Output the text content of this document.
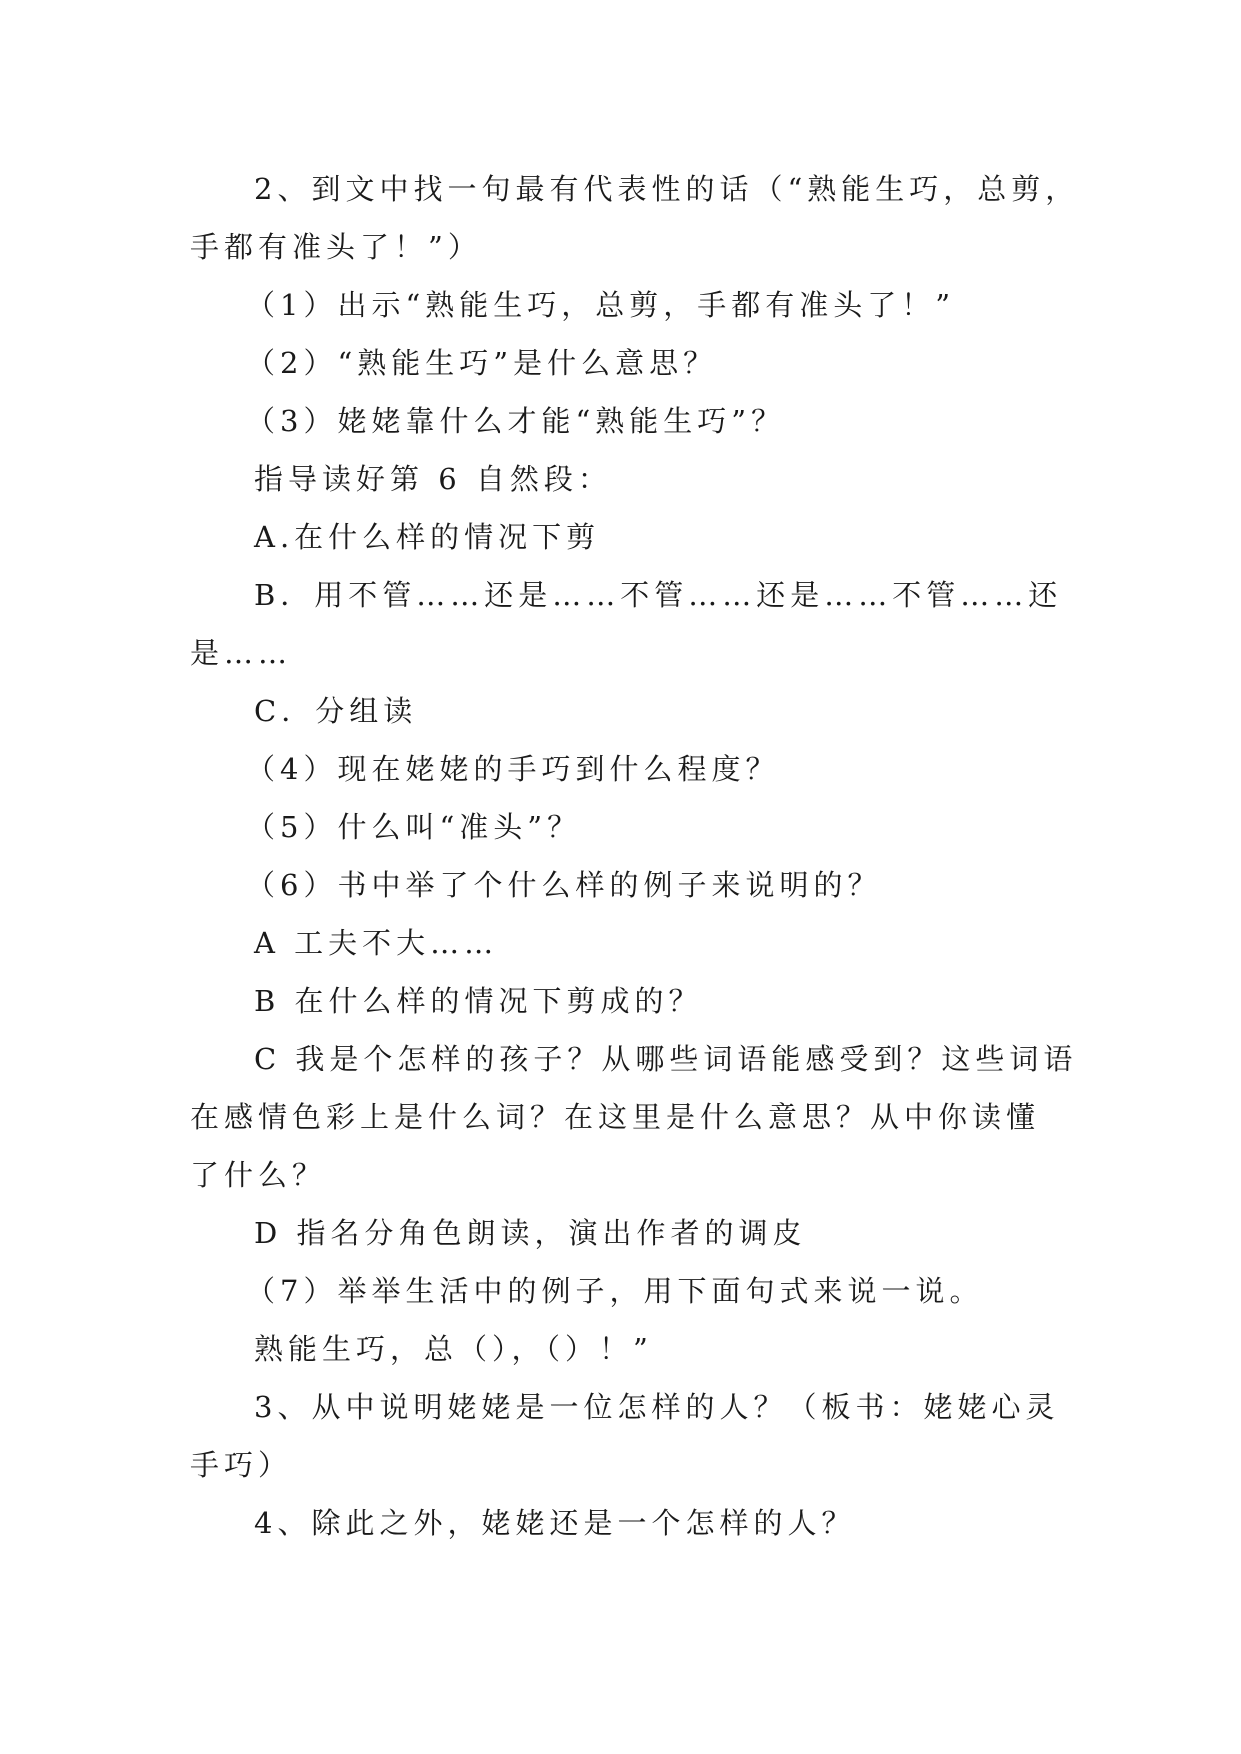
2、到文中找一句最有代表性的话（“熟能生巧，总剪，
手都有准头了！”）
（1）出示“熟能生巧，总剪，手都有准头了！”
（2）“熟能生巧”是什么意思？
（3）姥姥靠什么才能“熟能生巧”？
指导读好第 6 自然段：
A.在什么样的情况下剪
B．用不管……还是……不管……还是……不管……还
是……
C．分组读
（4）现在姥姥的手巧到什么程度？
（5）什么叫“准头”？
（6）书中举了个什么样的例子来说明的？
A 工夫不大……
B 在什么样的情况下剪成的？
C 我是个怎样的孩子？从哪些词语能感受到？这些词语
在感情色彩上是什么词？在这里是什么意思？从中你读懂
了什么？
D 指名分角色朗读，演出作者的调皮
（7）举举生活中的例子，用下面句式来说一说。
熟能生巧，总（），（）！”
3、从中说明姥姥是一位怎样的人？（板书：姥姥心灵
手巧）
4、除此之外，姥姥还是一个怎样的人？
